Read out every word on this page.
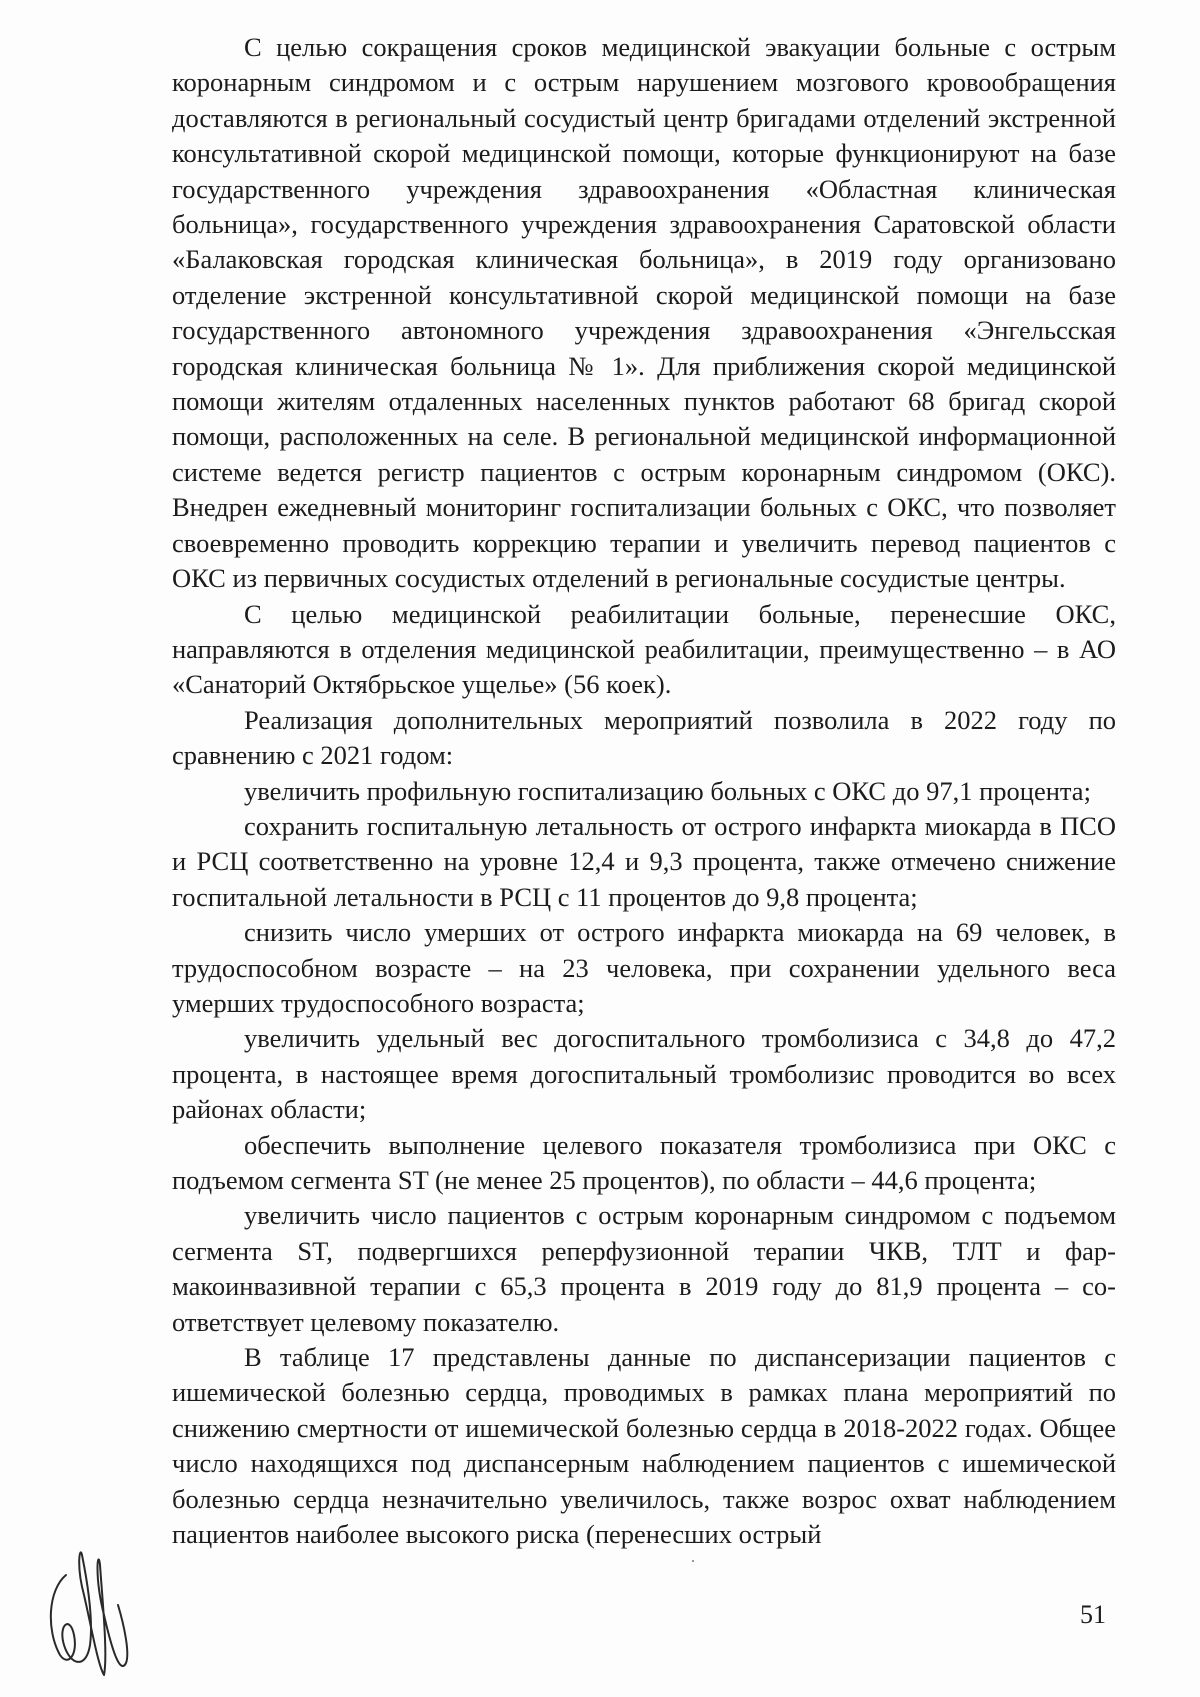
С целью сокращения сроков медицинской эвакуации больные с острым коронарным синдромом и с острым нарушением мозгового кровообращения доставляются в региональный сосудистый центр бригадами отделений экстренной консультативной скорой медицинской помощи, которые функционируют на базе государственного учреждения здравоохранения «Областная клиническая больница», государственного учреждения здравоохранения Саратовской области «Балаковская городская клиническая больница», в 2019 году организовано отделение экстренной консультативной скорой медицинской помощи на базе государственного автономного учреждения здравоохранения «Энгельсская городская клиническая больница № 1». Для приближения скорой медицинской помощи жителям отдаленных населенных пунктов работают 68 бригад скорой помощи, расположенных на селе. В региональной медицинской информационной системе ведется регистр пациентов с острым коронарным синдромом (ОКС). Внедрен ежедневный мониторинг госпитализации больных с ОКС, что позволяет своевременно проводить коррекцию терапии и увеличить перевод пациентов с ОКС из первичных сосудистых отделений в региональные сосудистые центры.

С целью медицинской реабилитации больные, перенесшие ОКС, направляются в отделения медицинской реабилитации, преимущественно – в АО «Санаторий Октябрьское ущелье» (56 коек).

Реализация дополнительных мероприятий позволила в 2022 году по сравнению с 2021 годом:

увеличить профильную госпитализацию больных с ОКС до 97,1 процента;

сохранить госпитальную летальность от острого инфаркта миокарда в ПСО и РСЦ соответственно на уровне 12,4 и 9,3 процента, также отмечено снижение госпитальной летальности в РСЦ с 11 процентов до 9,8 процента;

снизить число умерших от острого инфаркта миокарда на 69 человек, в трудоспособном возрасте – на 23 человека, при сохранении удельного веса умерших трудоспособного возраста;

увеличить удельный вес догоспитального тромболизиса с 34,8 до 47,2 процента, в настоящее время догоспитальный тромболизис проводится во всех районах области;

обеспечить выполнение целевого показателя тромболизиса при ОКС с подъемом сегмента ST (не менее 25 процентов), по области – 44,6 процента;

увеличить число пациентов с острым коронарным синдромом с подъемом сегмента ST, подвергшихся реперфузионной терапии ЧКВ, ТЛТ и фармакоинвазивной терапии с 65,3 процента в 2019 году до 81,9 процента – соответствует целевому показателю.

В таблице 17 представлены данные по диспансеризации пациентов с ишемической болезнью сердца, проводимых в рамках плана мероприятий по снижению смертности от ишемической болезнью сердца в 2018-2022 годах. Общее число находящихся под диспансерным наблюдением пациентов с ишемической болезнью сердца незначительно увеличилось, также возрос охват наблюдением пациентов наиболее высокого риска (перенесших острый

51
